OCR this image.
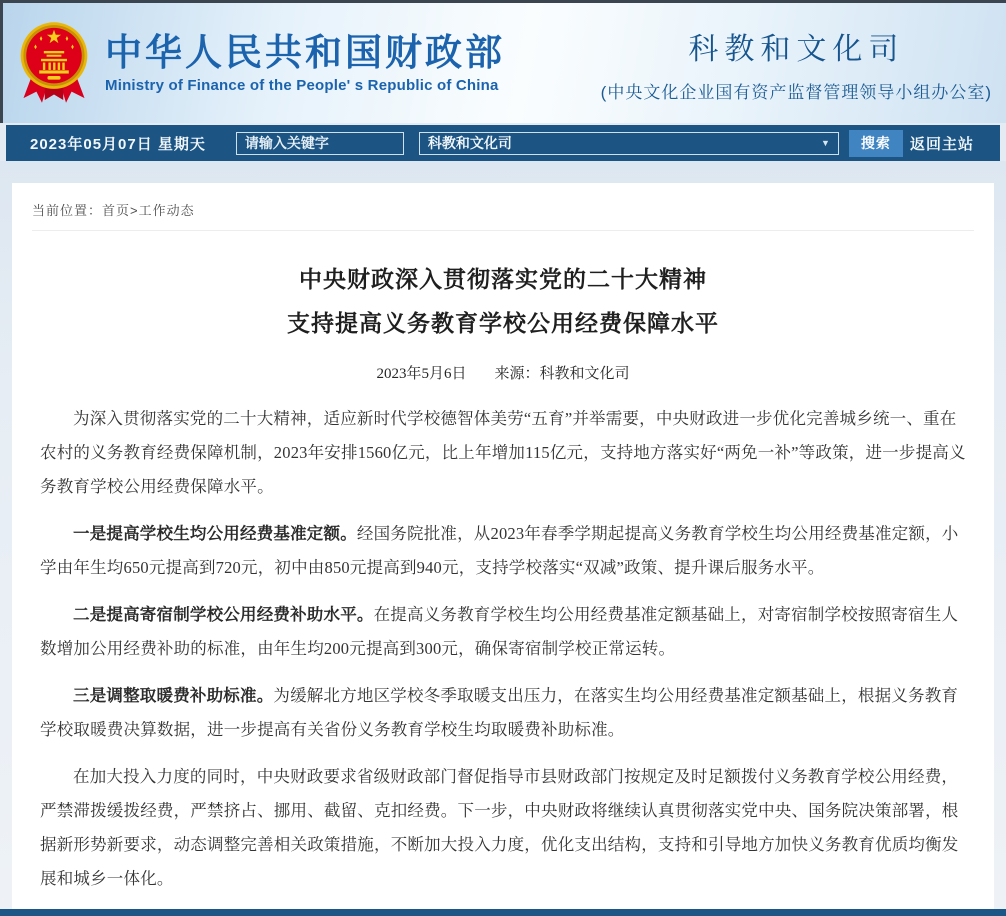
中华人民共和国财政部
Ministry of Finance of the People' s Republic of China
科教和文化司
(中央文化企业国有资产监督管理领导小组办公室)
2023年05月07日 星期天
请输入关键字	科教和文化司	▼	搜索	返回主站
当前位置：首页>工作动态
中央财政深入贯彻落实党的二十大精神
支持提高义务教育学校公用经费保障水平
2023年5月6日 来源：科教和文化司

为深入贯彻落实党的二十大精神，适应新时代学校德智体美劳“五育”并举需要，中央财政进一步优化完善城乡统一、重在农村的义务教育经费保障机制，2023年安排1560亿元，比上年增加115亿元，支持地方落实好“两免一补”等政策，进一步提高义务教育学校公用经费保障水平。

一是提高学校生均公用经费基准定额。经国务院批准，从2023年春季学期起提高义务教育学校生均公用经费基准定额，小学由年生均650元提高到720元，初中由850元提高到940元，支持学校落实“双减”政策、提升课后服务水平。

二是提高寄宿制学校公用经费补助水平。在提高义务教育学校生均公用经费基准定额基础上，对寄宿制学校按照寄宿生人数增加公用经费补助的标准，由年生均200元提高到300元，确保寄宿制学校正常运转。

三是调整取暖费补助标准。为缓解北方地区学校冬季取暖支出压力，在落实生均公用经费基准定额基础上，根据义务教育学校取暖费决算数据，进一步提高有关省份义务教育学校生均取暖费补助标准。

在加大投入力度的同时，中央财政要求省级财政部门督促指导市县财政部门按规定及时足额拨付义务教育学校公用经费，严禁滞拨缓拨经费，严禁挤占、挪用、截留、克扣经费。下一步，中央财政将继续认真贯彻落实党中央、国务院决策部署，根据新形势新要求，动态调整完善相关政策措施，不断加大投入力度，优化支出结构，支持和引导地方加快义务教育优质均衡发展和城乡一体化。
